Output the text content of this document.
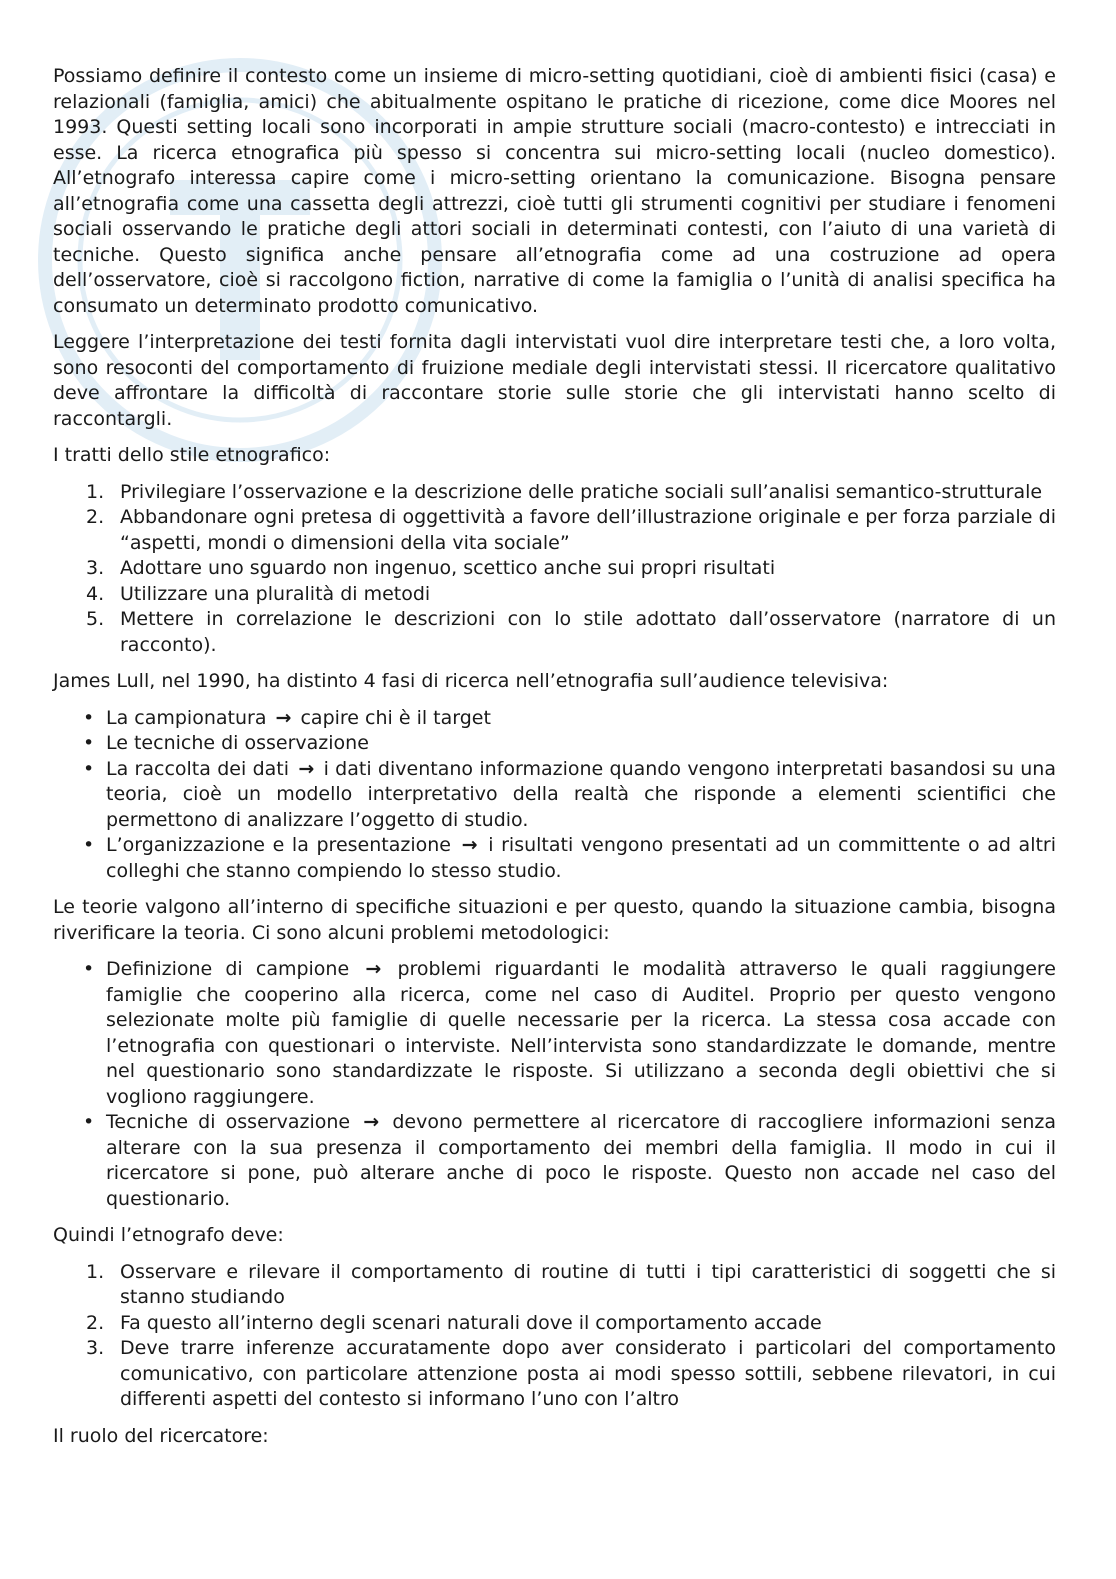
Possiamo definire il contesto come un insieme di micro-setting quotidiani, cioè di ambienti fisici (casa) e relazionali (famiglia, amici) che abitualmente ospitano le pratiche di ricezione, come dice Moores nel 1993. Questi setting locali sono incorporati in ampie strutture sociali (macro-contesto) e intrecciati in esse. La ricerca etnografica più spesso si concentra sui micro-setting locali (nucleo domestico). All’etnografo interessa capire come i micro-setting orientano la comunicazione. Bisogna pensare all’etnografia come una cassetta degli attrezzi, cioè tutti gli strumenti cognitivi per studiare i fenomeni sociali osservando le pratiche degli attori sociali in determinati contesti, con l’aiuto di una varietà di tecniche. Questo significa anche pensare all’etnografia come ad una costruzione ad opera dell’osservatore, cioè si raccolgono fiction, narrative di come la famiglia o l’unità di analisi specifica ha consumato un determinato prodotto comunicativo.

Leggere l’interpretazione dei testi fornita dagli intervistati vuol dire interpretare testi che, a loro volta, sono resoconti del comportamento di fruizione mediale degli intervistati stessi. Il ricercatore qualitativo deve affrontare la difficoltà di raccontare storie sulle storie che gli intervistati hanno scelto di raccontargli.

I tratti dello stile etnografico:

1. Privilegiare l’osservazione e la descrizione delle pratiche sociali sull’analisi semantico-strutturale
2. Abbandonare ogni pretesa di oggettività a favore dell’illustrazione originale e per forza parziale di “aspetti, mondi o dimensioni della vita sociale”
3. Adottare uno sguardo non ingenuo, scettico anche sui propri risultati
4. Utilizzare una pluralità di metodi
5. Mettere in correlazione le descrizioni con lo stile adottato dall’osservatore (narratore di un racconto).

James Lull, nel 1990, ha distinto 4 fasi di ricerca nell’etnografia sull’audience televisiva:

• La campionatura → capire chi è il target
• Le tecniche di osservazione
• La raccolta dei dati → i dati diventano informazione quando vengono interpretati basandosi su una teoria, cioè un modello interpretativo della realtà che risponde a elementi scientifici che permettono di analizzare l’oggetto di studio.
• L’organizzazione e la presentazione → i risultati vengono presentati ad un committente o ad altri colleghi che stanno compiendo lo stesso studio.

Le teorie valgono all’interno di specifiche situazioni e per questo, quando la situazione cambia, bisogna riverificare la teoria. Ci sono alcuni problemi metodologici:

• Definizione di campione → problemi riguardanti le modalità attraverso le quali raggiungere famiglie che cooperino alla ricerca, come nel caso di Auditel. Proprio per questo vengono selezionate molte più famiglie di quelle necessarie per la ricerca. La stessa cosa accade con l’etnografia con questionari o interviste. Nell’intervista sono standardizzate le domande, mentre nel questionario sono standardizzate le risposte. Si utilizzano a seconda degli obiettivi che si vogliono raggiungere.
• Tecniche di osservazione → devono permettere al ricercatore di raccogliere informazioni senza alterare con la sua presenza il comportamento dei membri della famiglia. Il modo in cui il ricercatore si pone, può alterare anche di poco le risposte. Questo non accade nel caso del questionario.

Quindi l’etnografo deve:

1. Osservare e rilevare il comportamento di routine di tutti i tipi caratteristici di soggetti che si stanno studiando
2. Fa questo all’interno degli scenari naturali dove il comportamento accade
3. Deve trarre inferenze accuratamente dopo aver considerato i particolari del comportamento comunicativo, con particolare attenzione posta ai modi spesso sottili, sebbene rilevatori, in cui differenti aspetti del contesto si informano l’uno con l’altro

Il ruolo del ricercatore:
